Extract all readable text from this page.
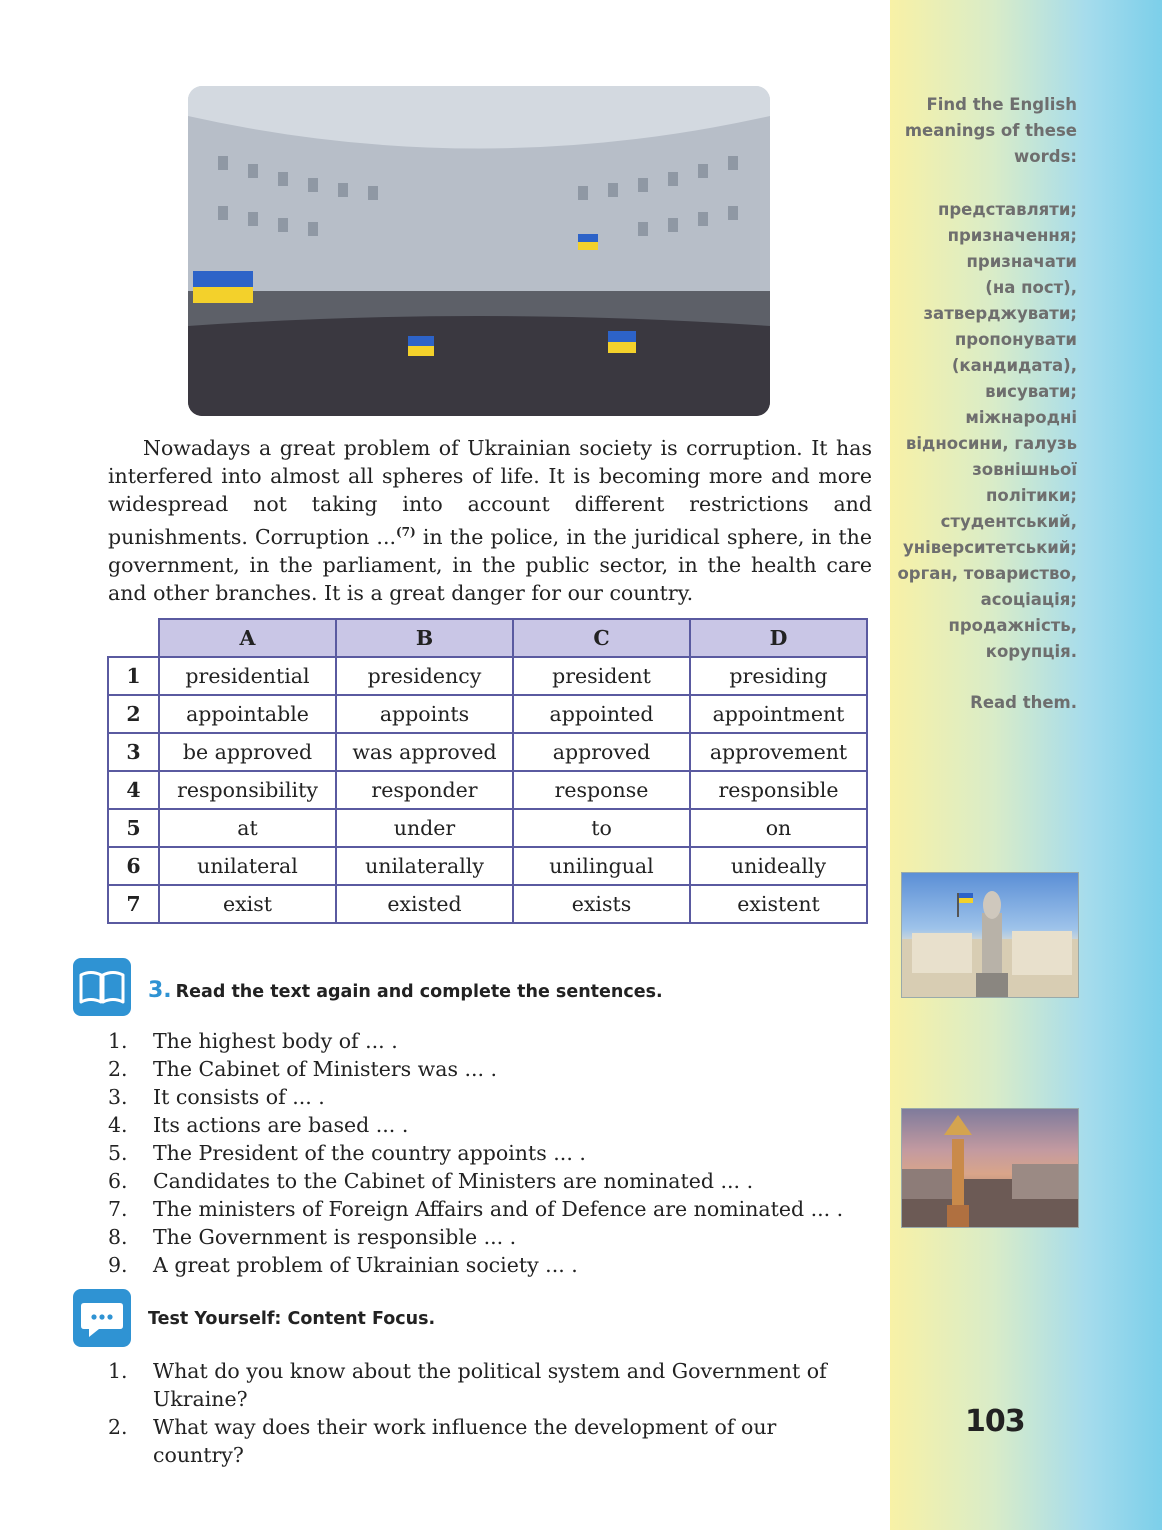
Find the English meanings of these words:
представляти;
призначення;
призначати
(на пост),
затверджувати;
пропонувати
(кандидата),
висувати;
міжнародні
відносини, галузь
зовнішньої
політики;
студентський,
університетський;
орган, товариство,
асоціація;
продажність,
корупція.
Read them.

Nowadays a great problem of Ukrainian society is corruption. It has interfered into almost all spheres of life. It is becoming more and more widespread not taking into account different restrictions and punishments. Corruption ...$^{(7)}$ in the police, in the juridical sphere, in the government, in the parliament, in the public sector, in the health care and other branches. It is a great danger for our country.

	A	B	C	D
1	presidential	presidency	president	presiding
2	appointable	appoints	appointed	appointment
3	be approved	was approved	approved	approvement
4	responsibility	responder	response	responsible
5	at	under	to	on
6	unilateral	unilaterally	unilingual	unideally
7	exist	existed	exists	existent
3. Read the text again and complete the sentences.
1.	The highest body of ... .
2.	The Cabinet of Ministers was ... .
3.	It consists of ... .
4.	Its actions are based ... .
5.	The President of the country appoints ... .
6.	Candidates to the Cabinet of Ministers are nominated ... .
7.	The ministers of Foreign Affairs and of Defence are nominated ... .
8.	The Government is responsible ... .
9.	A great problem of Ukrainian society ... .
Test Yourself: Content Focus.
1.	What do you know about the political system and Government of Ukraine?
2.	What way does their work influence the development of our country?
103
